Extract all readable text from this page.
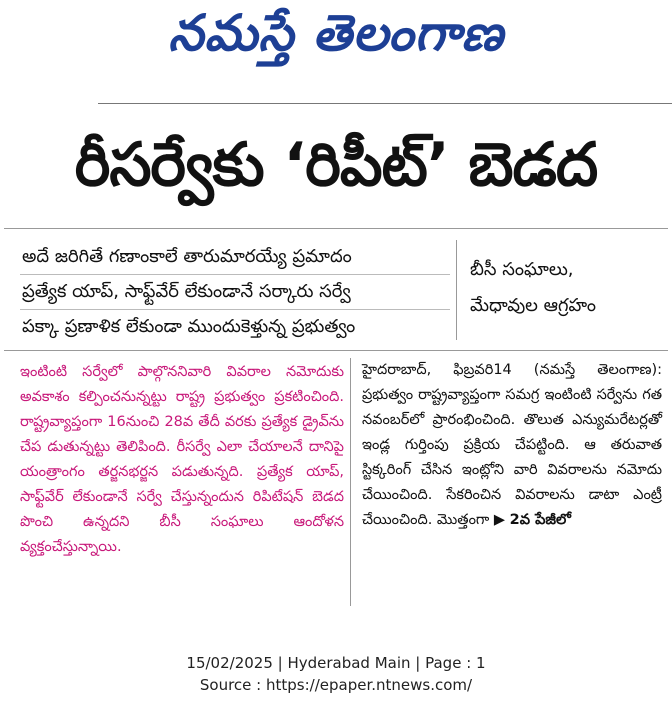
నమస్తే తెలంగాణ
రీసర్వేకు ‘రిపీట్’ బెడద
అదే జరిగితే గణాంకాలే తారుమారయ్యే ప్రమాదం
ప్రత్యేక యాప్, సాఫ్ట్‌వేర్ లేకుండానే సర్కారు సర్వే
పక్కా ప్రణాళిక లేకుండా ముందుకెళ్తున్న ప్రభుత్వం
బీసీ సంఘాలు,
మేధావుల ఆగ్రహం
ఇంటింటి సర్వేలో పాల్గొననివారి వివరాల నమోదుకు అవకాశం కల్పించనున్నట్టు రాష్ట్ర ప్రభుత్వం ప్రకటించింది. రాష్ట్రవ్యాప్తంగా 16నుంచి 28వ తేదీ వరకు ప్రత్యేక డ్రైవ్‌ను చేప డుతున్నట్టు తెలిపింది. రీసర్వే ఎలా చేయాలనే దానిపై యంత్రాంగం తర్జనభర్జన పడుతున్నది. ప్రత్యేక యాప్, సాఫ్ట్‌వేర్ లేకుండానే సర్వే చేస్తున్నందున రిపిటేషన్ బెడద పొంచి ఉన్నదని బీసీ సంఘాలు ఆందోళన వ్యక్తంచేస్తున్నాయి.
హైదరాబాద్, ఫిబ్రవరి14 (నమస్తే తెలంగాణ): ప్రభుత్వం రాష్ట్రవ్యాప్తంగా సమగ్ర ఇంటింటి సర్వేను గత నవంబర్‌లో ప్రారంభించింది. తొలుత ఎన్యుమరేటర్లతో ఇండ్ల గుర్తింపు ప్రక్రియ చేపట్టింది. ఆ తరువాత స్టిక్కరింగ్ చేసిన ఇంట్లోని వారి వివరాలను నమోదు చేయించింది. సేకరించిన వివరాలను డాటా ఎంట్రీ చేయించింది. మొత్తంగా ▶ 2వ పేజీలో
15/02/2025 | Hyderabad Main | Page : 1
Source : https://epaper.ntnews.com/
